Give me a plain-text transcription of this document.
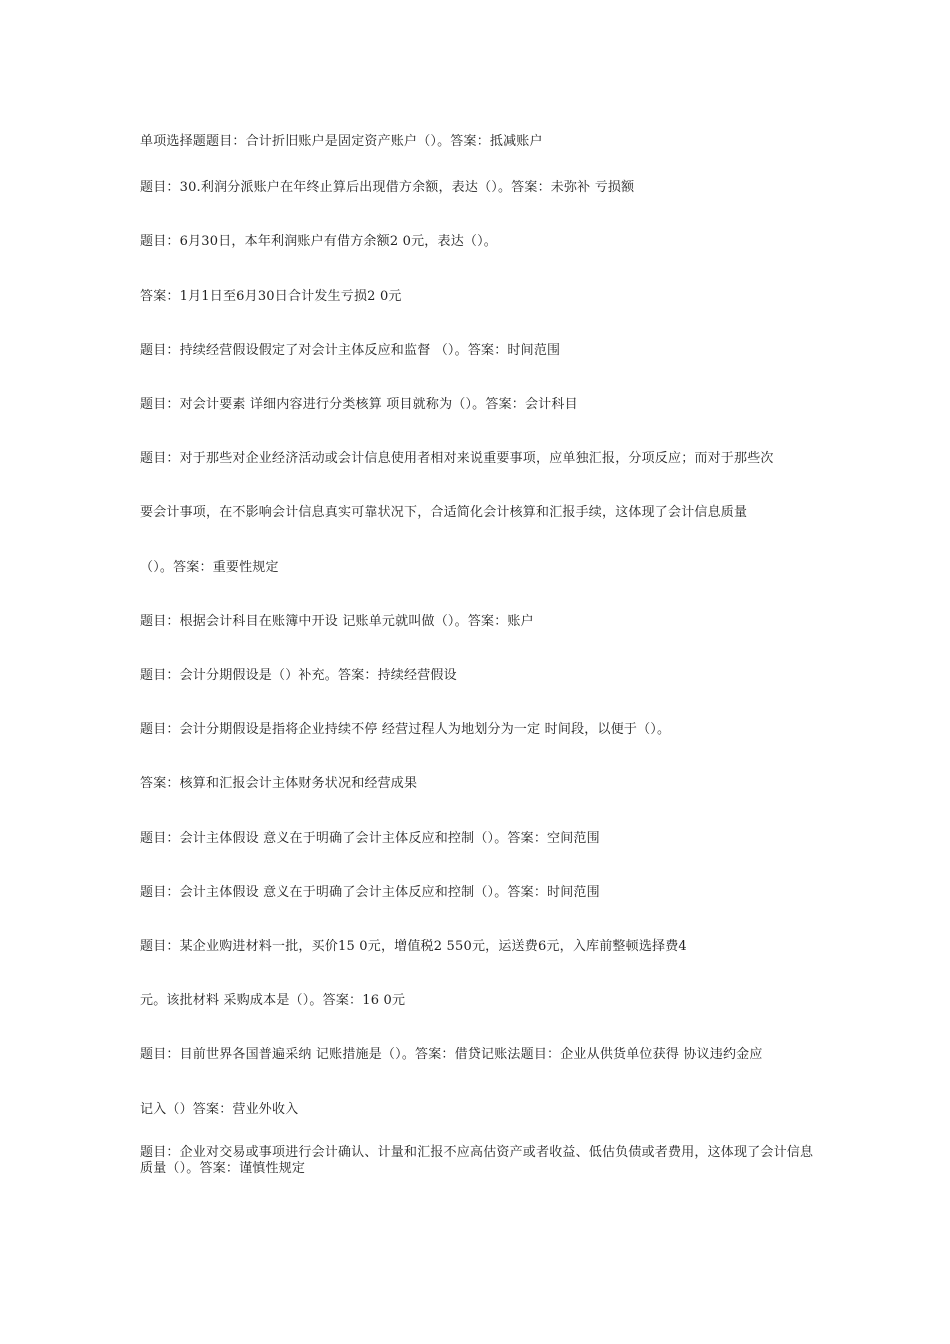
单项选择题题目：合计折旧账户是固定资产账户（）。答案：抵减账户
题目：30.利润分派账户在年终止算后出现借方余额，表达（）。答案：未弥补 亏损额
题目：6月30日，本年利润账户有借方余额2 0元，表达（）。
答案：1月1日至6月30日合计发生亏损2 0元
题目：持续经营假设假定了对会计主体反应和监督 （）。答案：时间范围
题目：对会计要素 详细内容进行分类核算 项目就称为（）。答案：会计科目
题目：对于那些对企业经济活动或会计信息使用者相对来说重要事项，应单独汇报，分项反应；而对于那些次
要会计事项，在不影响会计信息真实可靠状况下，合适简化会计核算和汇报手续，这体现了会计信息质量
（）。答案：重要性规定
题目：根据会计科目在账簿中开设 记账单元就叫做（）。答案：账户
题目：会计分期假设是（）补充。答案：持续经营假设
题目：会计分期假设是指将企业持续不停 经营过程人为地划分为一定 时间段，以便于（）。
答案：核算和汇报会计主体财务状况和经营成果
题目：会计主体假设 意义在于明确了会计主体反应和控制（）。答案：空间范围
题目：会计主体假设 意义在于明确了会计主体反应和控制（）。答案：时间范围
题目：某企业购进材料一批，买价15 0元，增值税2 550元，运送费6元，入库前整顿选择费4
元。该批材料 采购成本是（）。答案：16 0元
题目：目前世界各国普遍采纳 记账措施是（）。答案：借贷记账法题目：企业从供货单位获得 协议违约金应
记入（）答案：营业外收入
题目：企业对交易或事项进行会计确认、计量和汇报不应高估资产或者收益、低估负债或者费用，这体现了会计信息质量（）。答案：谨慎性规定
